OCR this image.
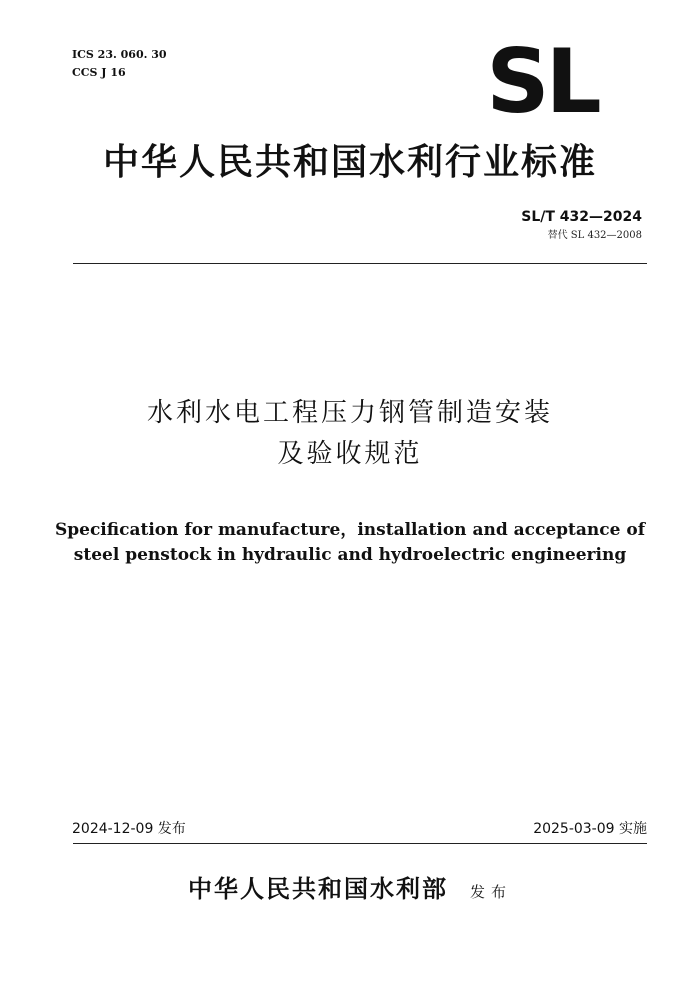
ICS 23. 060. 30
CCS J 16	SL
中华人民共和国水利行业标准
SL/T 432—2024
替代 SL 432—2008
水利水电工程压力钢管制造安装
及验收规范
Specification for manufacture，installation and acceptance of
steel penstock in hydraulic and hydroelectric engineering
2024-12-09 发布	2025-03-09 实施
中华人民共和国水利部 发布
